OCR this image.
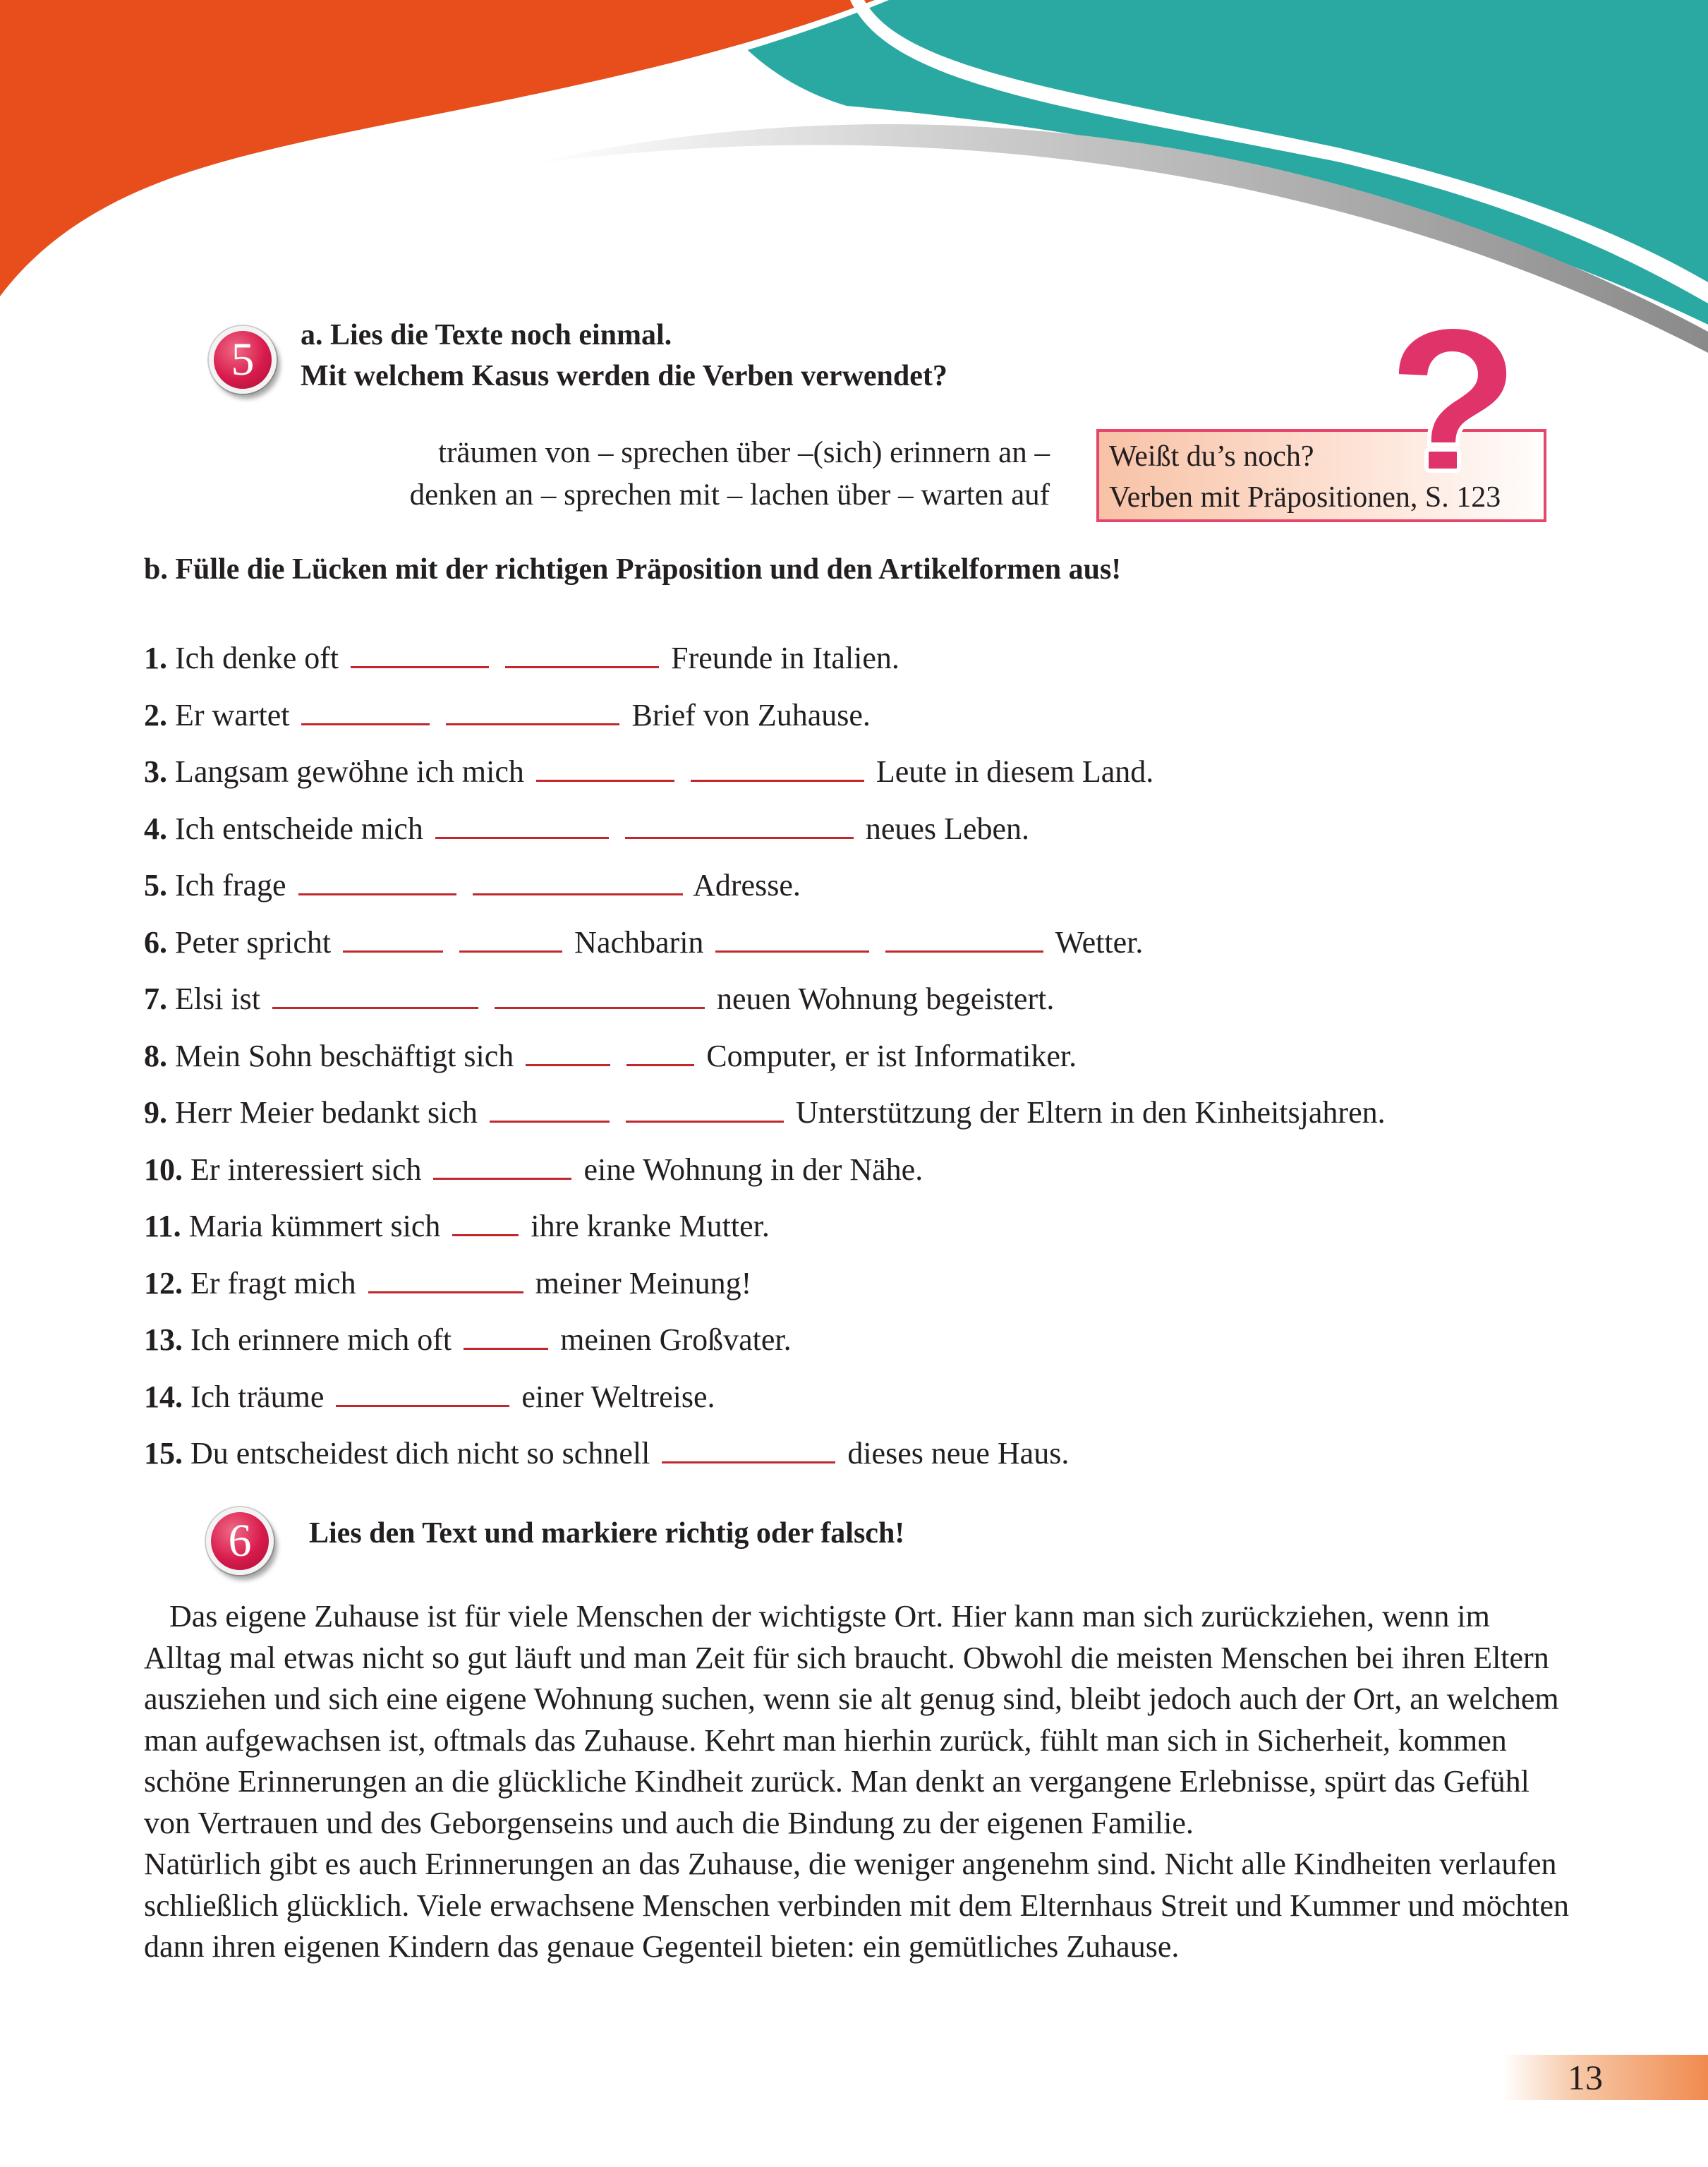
5	a. Lies die Texte noch einmal.
Mit welchem Kasus werden die Verben verwendet?
träumen von – sprechen über –(sich) erinnern an –
denken an – sprechen mit – lachen über – warten auf
Weißt du’s noch?
Verben mit Präpositionen, S. 123
b. Fülle die Lücken mit der richtigen Präposition und den Artikelformen aus!
1. Ich denke oft	Freunde in Italien.
2. Er wartet	Brief von Zuhause.
3. Langsam gewöhne ich mich	Leute in diesem Land.
4. Ich entscheide mich	neues Leben.
5. Ich frage	Adresse.
6. Peter spricht	Nachbarin	Wetter.
7. Elsi ist	neuen Wohnung begeistert.
8. Mein Sohn beschäftigt sich	Computer, er ist Informatiker.
9. Herr Meier bedankt sich	Unterstützung der Eltern in den Kinheitsjahren.
10. Er interessiert sich	eine Wohnung in der Nähe.
11. Maria kümmert sich	ihre kranke Mutter.
12. Er fragt mich	meiner Meinung!
13. Ich erinnere mich oft	meinen Großvater.
14. Ich träume	einer Weltreise.
15. Du entscheidest dich nicht so schnell	dieses neue Haus.
6	Lies den Text und markiere richtig oder falsch!

Das eigene Zuhause ist für viele Menschen der wichtigste Ort. Hier kann man sich zurückziehen, wenn im Alltag mal etwas nicht so gut läuft und man Zeit für sich braucht. Obwohl die meisten Menschen bei ihren Eltern ausziehen und sich eine eigene Wohnung suchen, wenn sie alt genug sind, bleibt jedoch auch der Ort, an welchem man aufgewachsen ist, oftmals das Zuhause. Kehrt man hierhin zurück, fühlt man sich in Sicherheit, kommen schöne Erinnerungen an die glückliche Kindheit zurück. Man denkt an vergangene Erlebnisse, spürt das Gefühl von Vertrauen und des Geborgenseins und auch die Bindung zu der eigenen Familie.

Natürlich gibt es auch Erinnerungen an das Zuhause, die weniger angenehm sind. Nicht alle Kindheiten verlaufen schließlich glücklich. Viele erwachsene Menschen verbinden mit dem Elternhaus Streit und Kummer und möchten dann ihren eigenen Kindern das genaue Gegenteil bieten: ein gemütliches Zuhause.

13
